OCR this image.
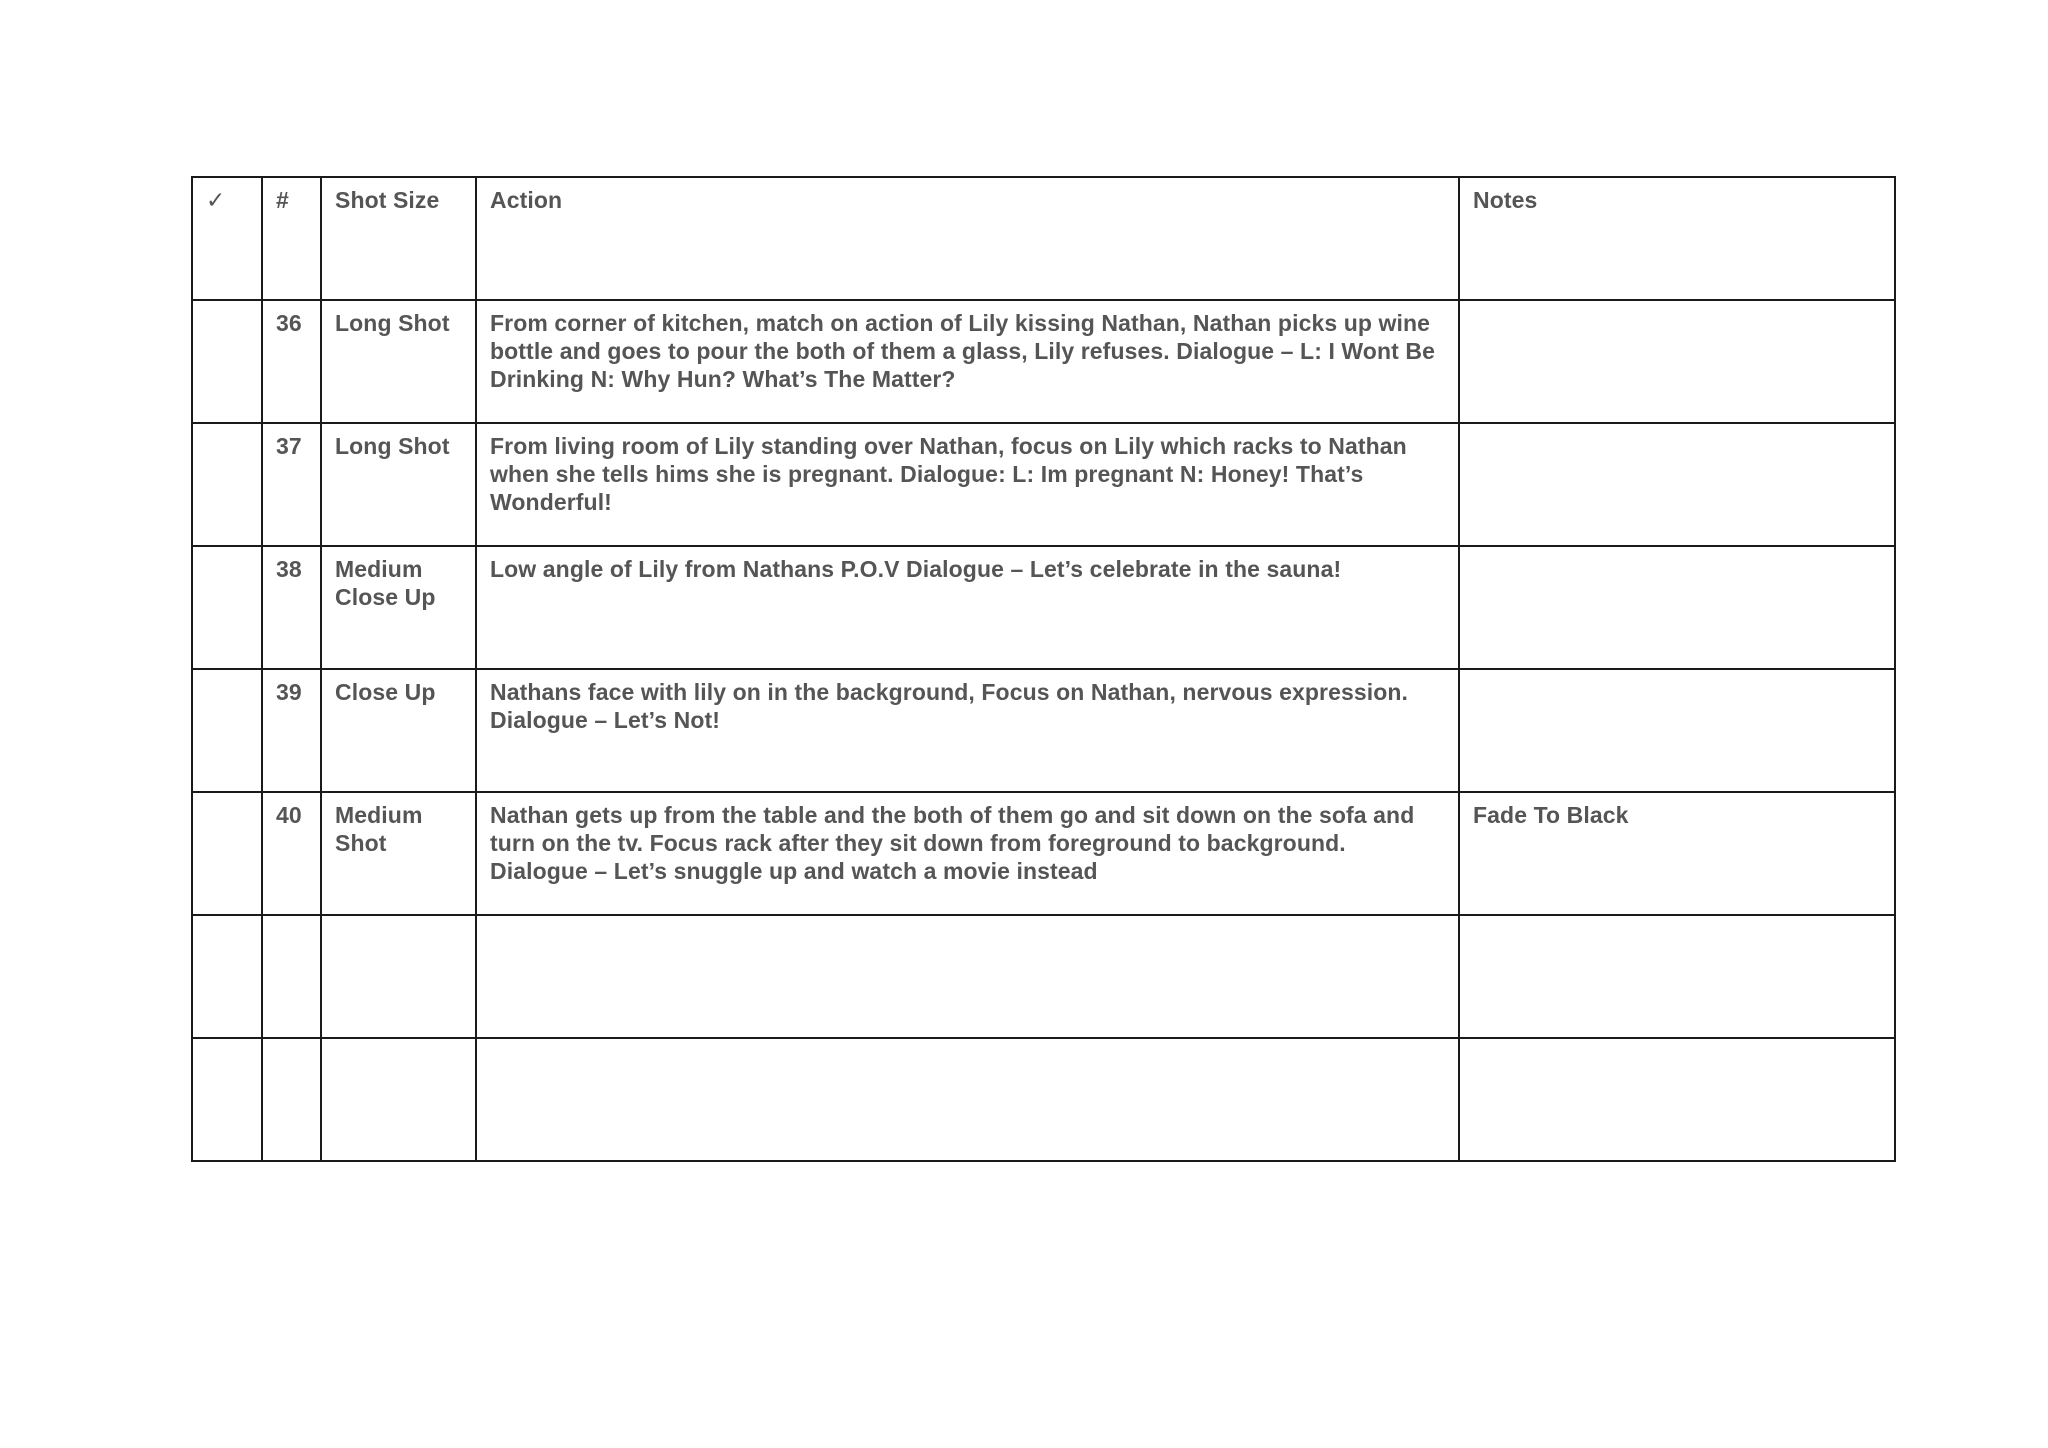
✓	#	Shot Size	Action	Notes
	36	Long Shot	From corner of kitchen, match on action of Lily kissing Nathan, Nathan picks up wine bottle and goes to pour the both of them a glass, Lily refuses. Dialogue – L: I Wont Be Drinking N: Why Hun? What’s The Matter?	
	37	Long Shot	From living room of Lily standing over Nathan, focus on Lily which racks to Nathan when she tells hims she is pregnant. Dialogue: L: Im pregnant N: Honey! That’s Wonderful!	
	38	Medium Close Up	Low angle of Lily from Nathans P.O.V Dialogue – Let’s celebrate in the sauna!	
	39	Close Up	Nathans face with lily on in the background, Focus on Nathan, nervous expression. Dialogue – Let’s Not!	
	40	Medium Shot	Nathan gets up from the table and the both of them go and sit down on the sofa and turn on the tv. Focus rack after they sit down from foreground to background. Dialogue – Let’s snuggle up and watch a movie instead	Fade To Black
